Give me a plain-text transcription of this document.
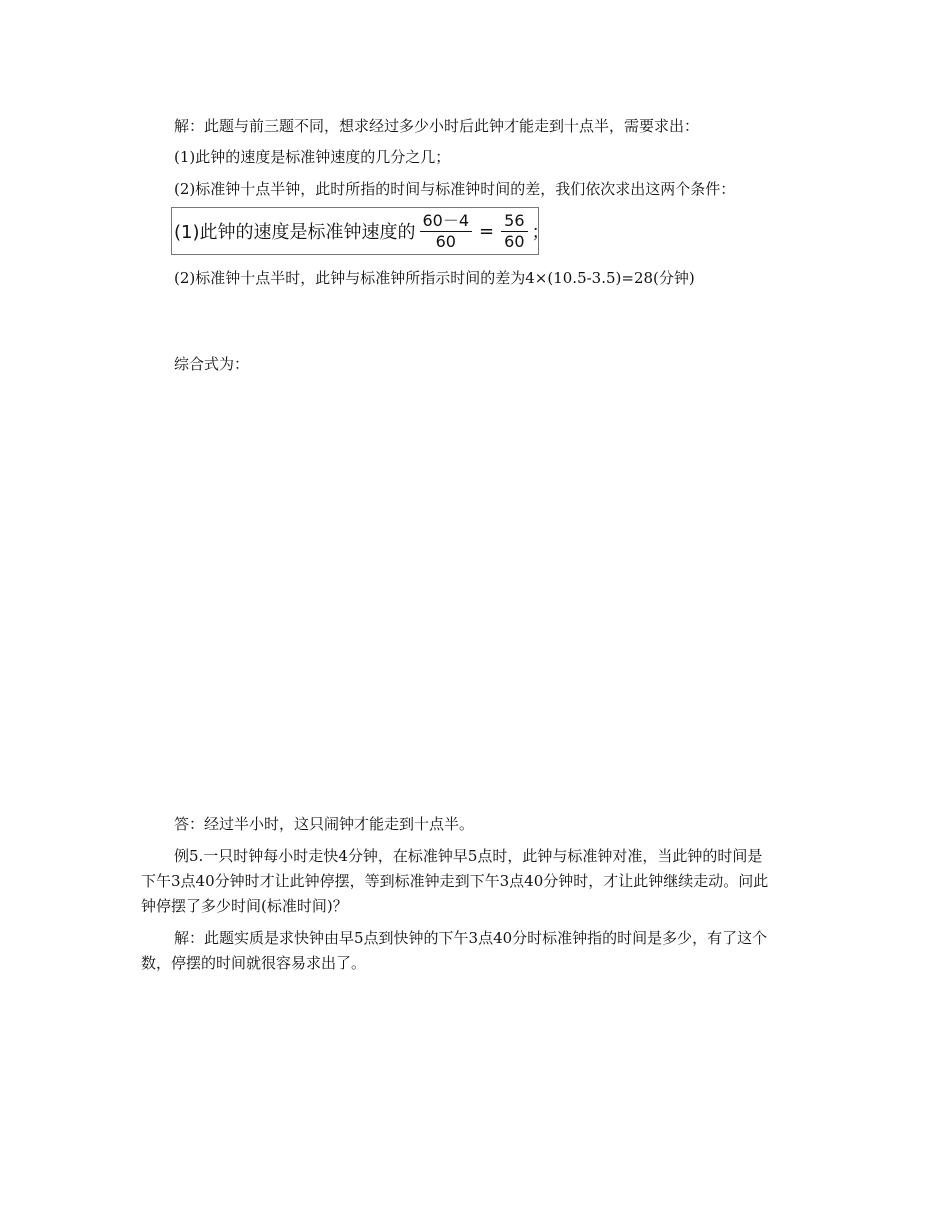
解：此题与前三题不同，想求经过多少小时后此钟才能走到十点半，需要求出：
(1)此钟的速度是标准钟速度的几分之几；
(2)标准钟十点半钟，此时所指的时间与标准钟时间的差，我们依次求出这两个条件：
(1)此钟的速度是标准钟速度的 $\frac{60-4}{60} = \frac{56}{60}$ ；
(2)标准钟十点半时，此钟与标准钟所指示时间的差为4×(10.5-3.5)=28(分钟)
综合式为：
答：经过半小时，这只闹钟才能走到十点半。
例5.一只时钟每小时走快4分钟，在标准钟早5点时，此钟与标准钟对准，当此钟的时间是
下午3点40分钟时才让此钟停摆，等到标准钟走到下午3点40分钟时，才让此钟继续走动。问此
钟停摆了多少时间(标准时间)？
解：此题实质是求快钟由早5点到快钟的下午3点40分时标准钟指的时间是多少，有了这个
数，停摆的时间就很容易求出了。
